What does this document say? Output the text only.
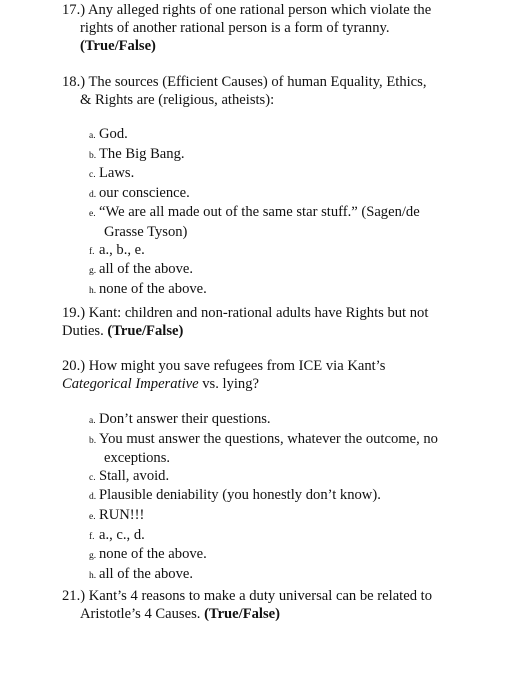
17.) Any alleged rights of one rational person which violate the
rights of another rational person is a form of tyranny.
(True/False)
18.) The sources (Efficient Causes) of human Equality, Ethics,
& Rights are (religious, atheists):
a. God.
b. The Big Bang.
c. Laws.
d. our conscience.
e. “We are all made out of the same star stuff.” (Sagen/de
Grasse Tyson)
f. a., b., e.
g. all of the above.
h. none of the above.
19.) Kant: children and non-rational adults have Rights but not
Duties. (True/False)
20.) How might you save refugees from ICE via Kant’s
Categorical Imperative vs. lying?
a. Don’t answer their questions.
b. You must answer the questions, whatever the outcome, no
exceptions.
c. Stall, avoid.
d. Plausible deniability (you honestly don’t know).
e. RUN!!!
f. a., c., d.
g. none of the above.
h. all of the above.
21.) Kant’s 4 reasons to make a duty universal can be related to
Aristotle’s 4 Causes. (True/False)
